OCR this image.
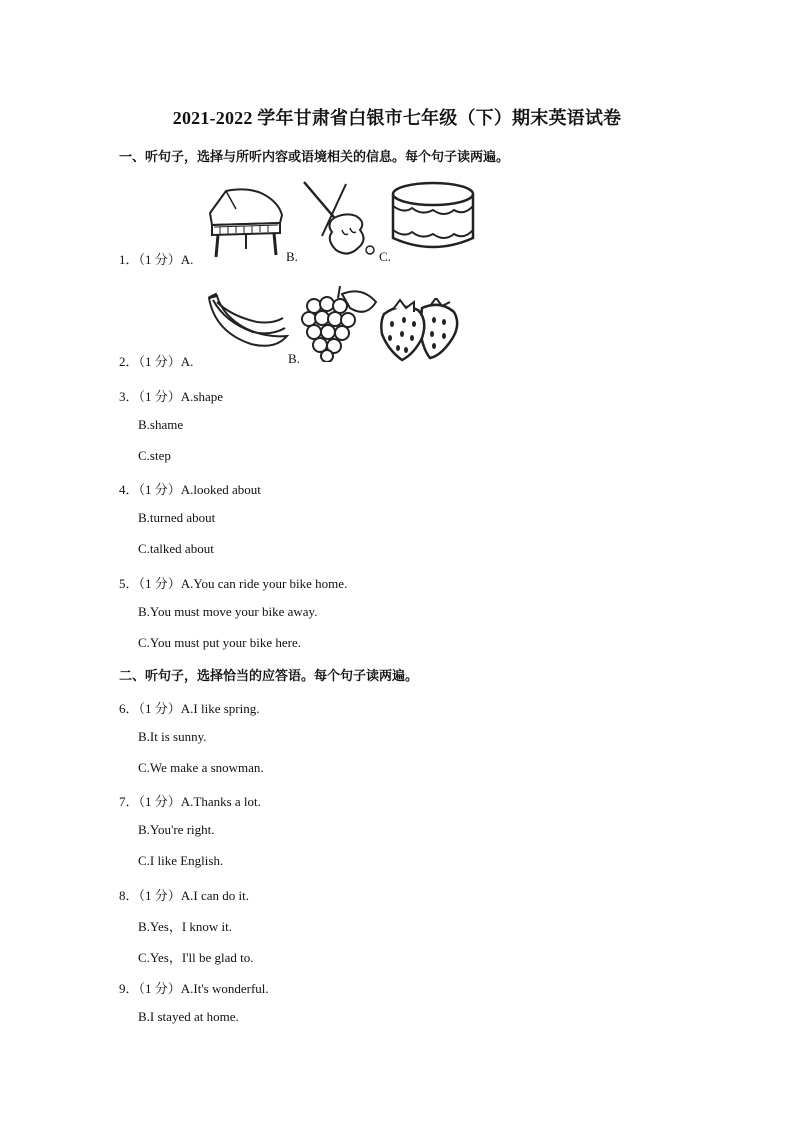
2021-2022 学年甘肃省白银市七年级（下）期末英语试卷
一、听句子，选择与所听内容或语境相关的信息。每个句子读两遍。
1．（1 分）A.	B.	C.
2．（1 分）A.	B.
3．（1 分）A.shape
B.shame
C.step
4．（1 分）A.looked about
B.turned about
C.talked about
5．（1 分）A.You can ride your bike home.
B.You must move your bike away.
C.You must put your bike here.
二、听句子，选择恰当的应答语。每个句子读两遍。
6．（1 分）A.I like spring.
B.It is sunny.
C.We make a snowman.
7．（1 分）A.Thanks a lot.
B.You're right.
C.I like English.
8．（1 分）A.I can do it.
B.Yes，I know it.
C.Yes，I'll be glad to.
9．（1 分）A.It's wonderful.
B.I stayed at home.
